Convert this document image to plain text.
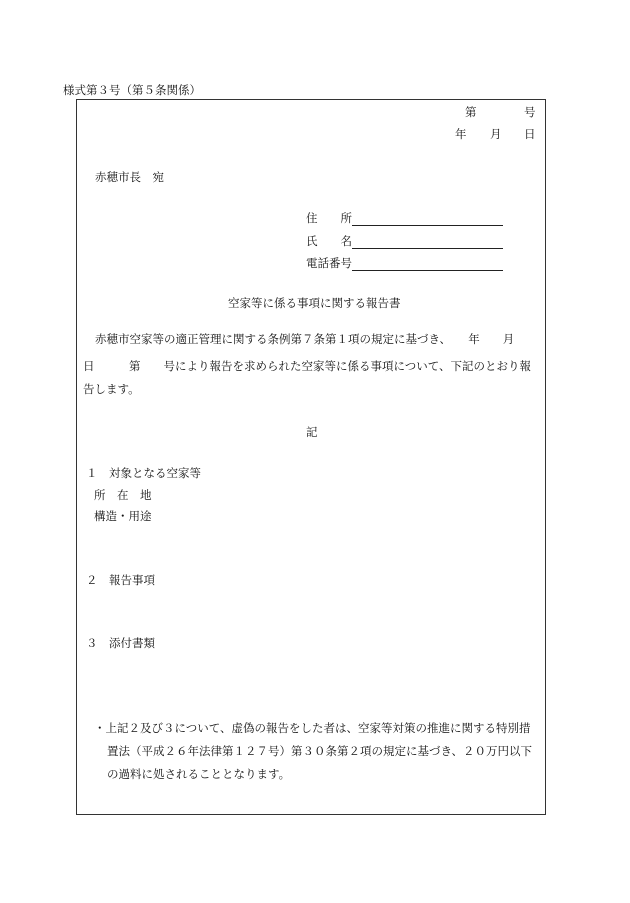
様式第３号（第５条関係）
第	号
年 月 日
赤穂市長　宛
住　　所
氏　　名
電話番号
空家等に係る事項に関する報告書
赤穂市空家等の適正管理に関する条例第７条第１項の規定に基づき、　　年　　月
日　　　第　　号により報告を求められた空家等に係る事項について、下記のとおり報
告します。
記
１　対象となる空家等
所　在　地
構造・用途
２　報告事項
３　添付書類
・上記２及び３について、虚偽の報告をした者は、空家等対策の推進に関する特別措
置法（平成２６年法律第１２７号）第３０条第２項の規定に基づき、２０万円以下
の過料に処されることとなります。
